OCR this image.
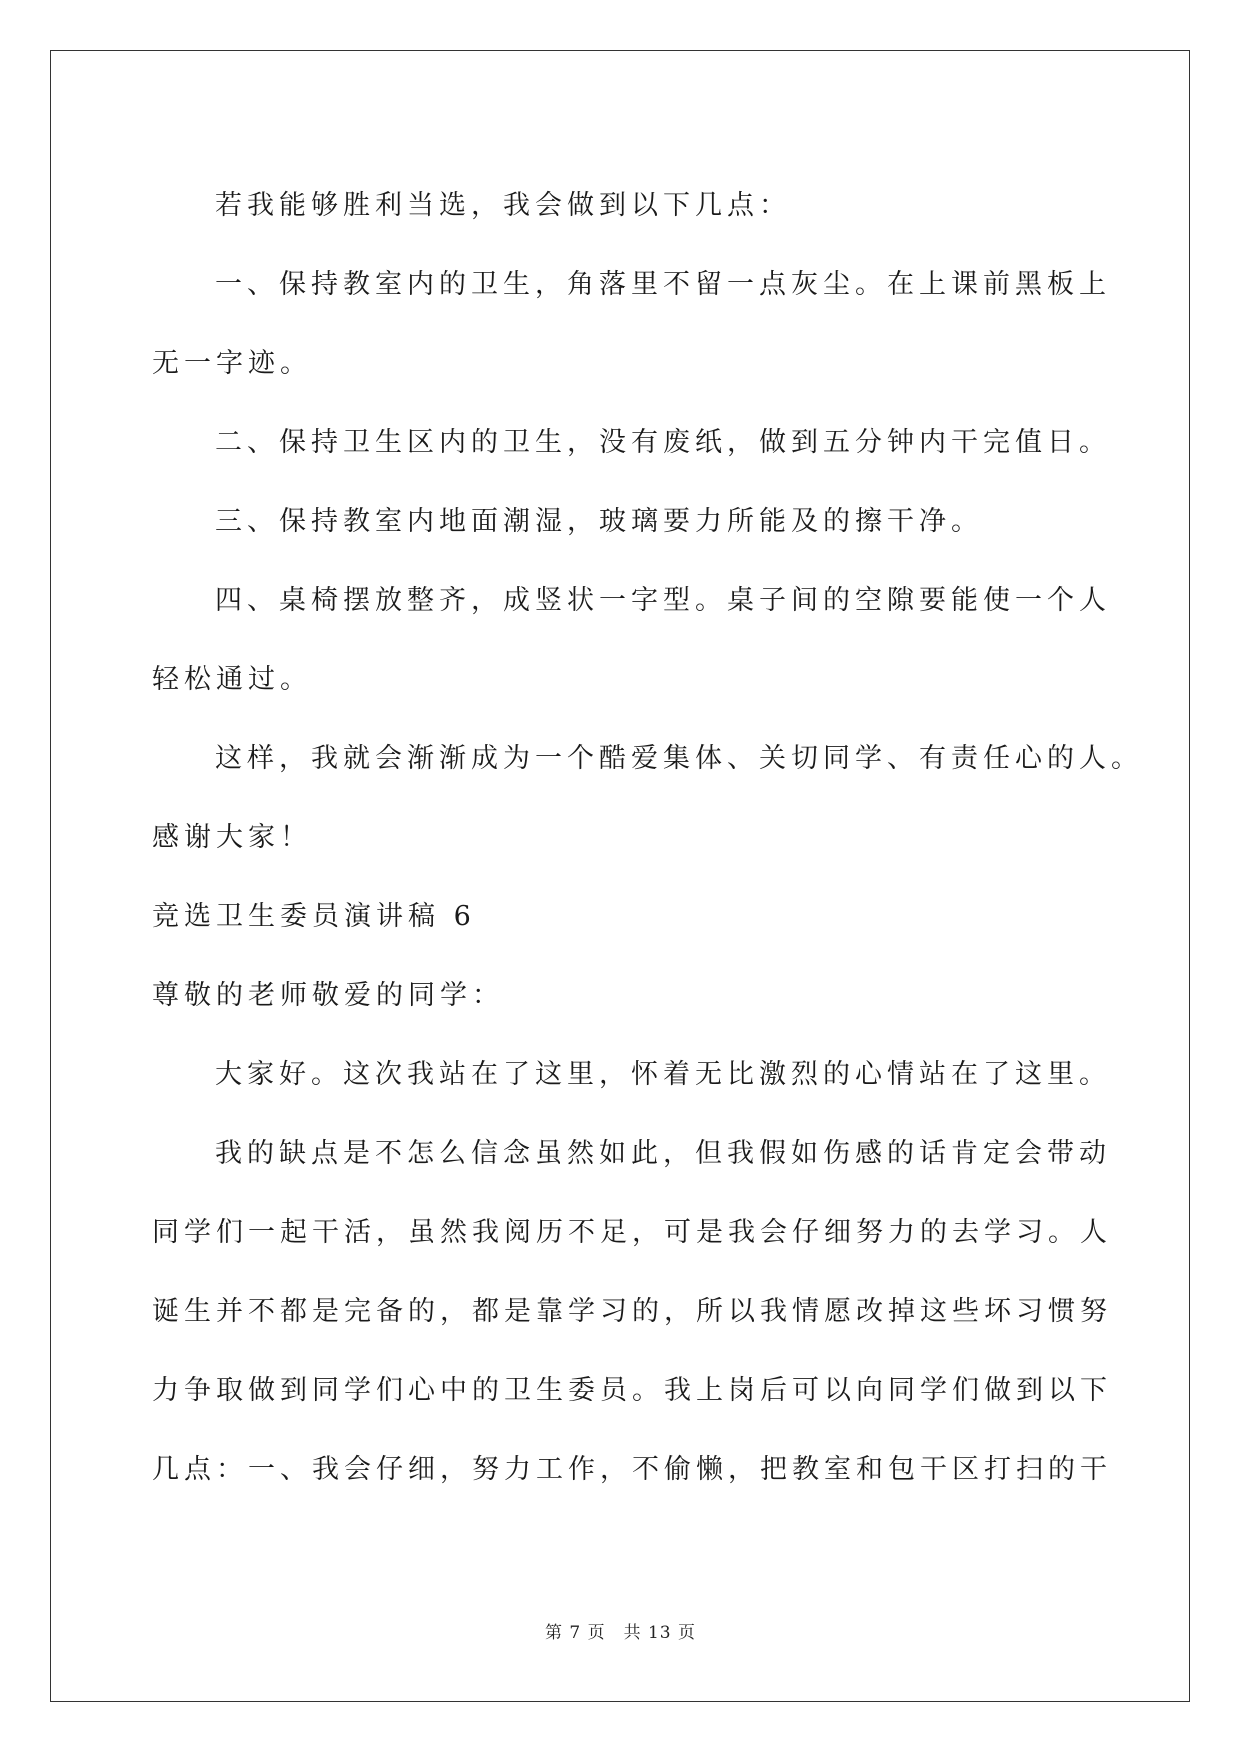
若我能够胜利当选，我会做到以下几点：
一、保持教室内的卫生，角落里不留一点灰尘。在上课前黑板上
无一字迹。
二、保持卫生区内的卫生，没有废纸，做到五分钟内干完值日。
三、保持教室内地面潮湿，玻璃要力所能及的擦干净。
四、桌椅摆放整齐，成竖状一字型。桌子间的空隙要能使一个人
轻松通过。
这样，我就会渐渐成为一个酷爱集体、关切同学、有责任心的人。
感谢大家！
竞选卫生委员演讲稿 6
尊敬的老师敬爱的同学：
大家好。这次我站在了这里，怀着无比激烈的心情站在了这里。
我的缺点是不怎么信念虽然如此，但我假如伤感的话肯定会带动
同学们一起干活，虽然我阅历不足，可是我会仔细努力的去学习。人
诞生并不都是完备的，都是靠学习的，所以我情愿改掉这些坏习惯努
力争取做到同学们心中的卫生委员。我上岗后可以向同学们做到以下
几点：一、我会仔细，努力工作，不偷懒，把教室和包干区打扫的干
第 7 页 共 13 页
